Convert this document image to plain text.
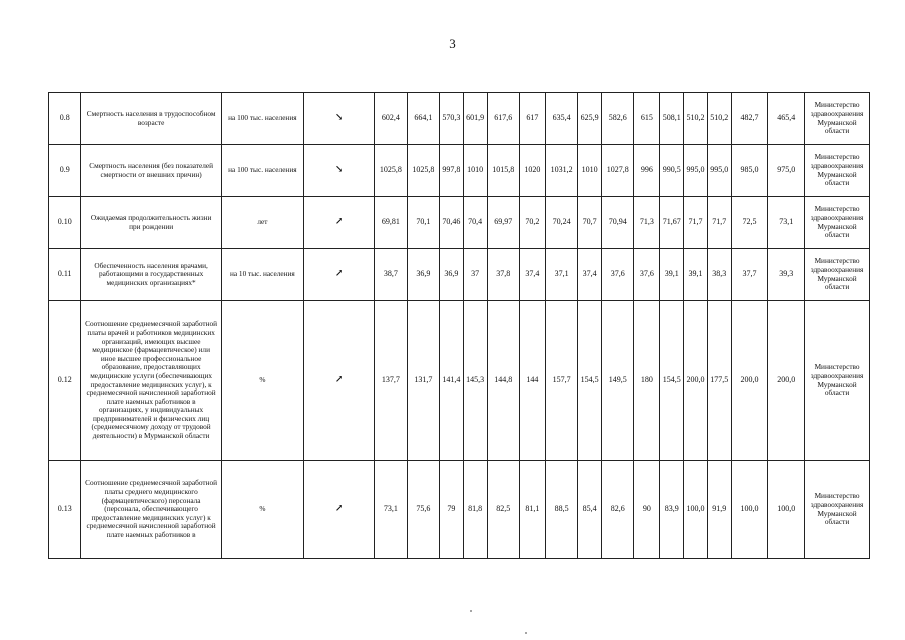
3
0.8	Смертность населения в трудоспособном возрасте	на 100 тыс. населения	↘	602,4	664,1	570,3	601,9	617,6	617	635,4	625,9	582,6	615	508,1	510,2	510,2	482,7	465,4	Министерство здравоохранения Мурманской области
0.9	Смертность населения (без показателей смертности от внешних причин)	на 100 тыс. населения	↘	1025,8	1025,8	997,8	1010	1015,8	1020	1031,2	1010	1027,8	996	990,5	995,0	995,0	985,0	975,0	Министерство здравоохранения Мурманской области
0.10	Ожидаемая продолжительность жизни при рождении	лет	↗	69,81	70,1	70,46	70,4	69,97	70,2	70,24	70,7	70,94	71,3	71,67	71,7	71,7	72,5	73,1	Министерство здравоохранения Мурманской области
0.11	Обеспеченность населения врачами, работающими в государственных медицинских организациях*	на 10 тыс. населения	↗	38,7	36,9	36,9	37	37,8	37,4	37,1	37,4	37,6	37,6	39,1	39,1	38,3	37,7	39,3	Министерство здравоохранения Мурманской области
0.12	Соотношение среднемесячной заработной платы врачей и работников медицинских организаций, имеющих высшее медицинское (фармацевтическое) или иное высшее профессиональное образование, предоставляющих медицинские услуги (обеспечивающих предоставление медицинских услуг), к среднемесячной начисленной заработной плате наемных работников в организациях, у индивидуальных предпринимателей и физических лиц (среднемесячному доходу от трудовой деятельности) в Мурманской области	%	↗	137,7	131,7	141,4	145,3	144,8	144	157,7	154,5	149,5	180	154,5	200,0	177,5	200,0	200,0	Министерство здравоохранения Мурманской области
0.13	Соотношение среднемесячной заработной платы среднего медицинского (фармацевтического) персонала (персонала, обеспечивающего предоставление медицинских услуг) к среднемесячной начисленной заработной плате наемных работников в	%	↗	73,1	75,6	79	81,8	82,5	81,1	88,5	85,4	82,6	90	83,9	100,0	91,9	100,0	100,0	Министерство здравоохранения Мурманской области
